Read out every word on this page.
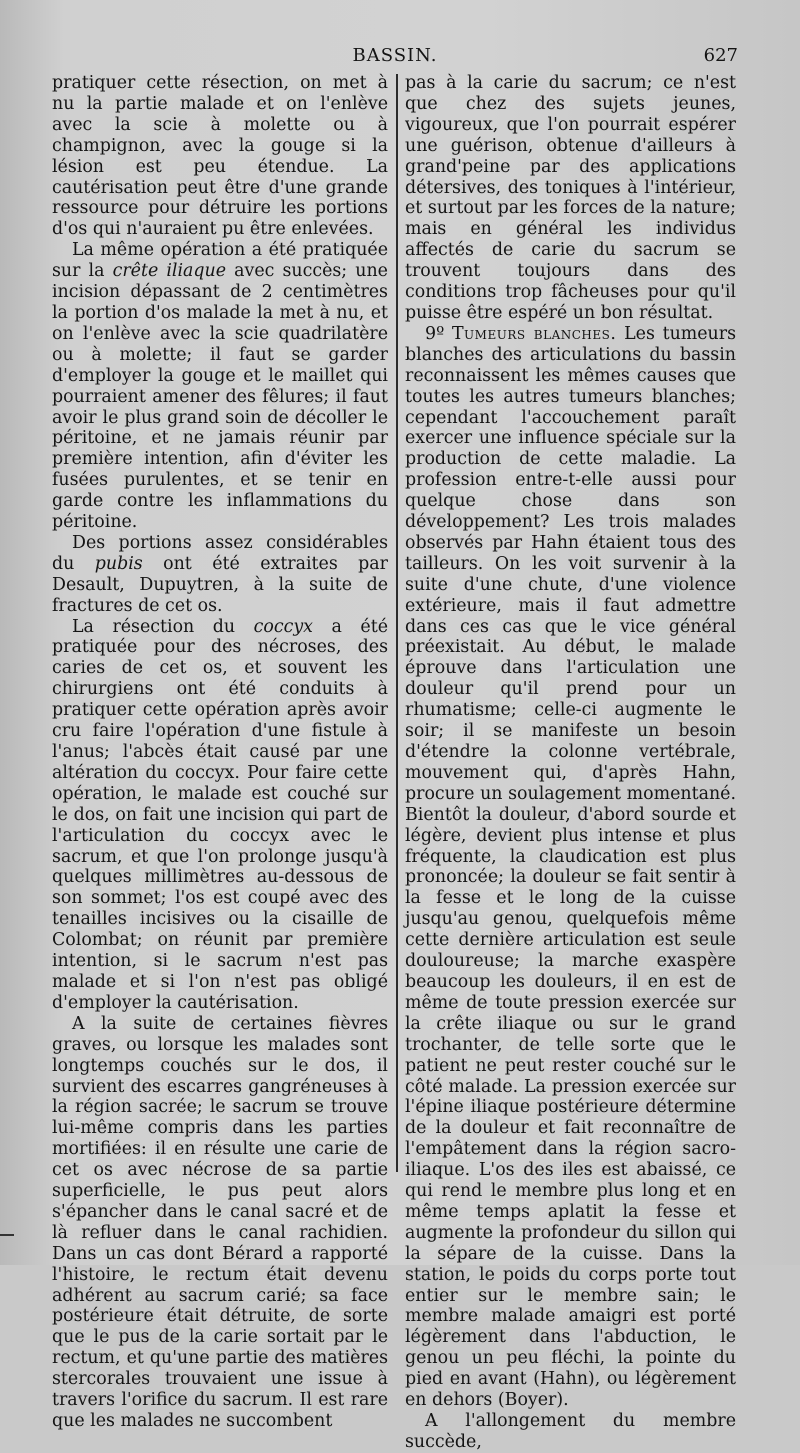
BASSIN.	627

pratiquer cette résection, on met à nu la partie malade et on l'enlève avec la scie à molette ou à champignon, avec la gouge si la lésion est peu étendue. La cautérisation peut être d'une grande ressource pour détruire les portions d'os qui n'auraient pu être enlevées.

La même opération a été pratiquée sur la crête iliaque avec succès; une incision dépassant de 2 centimètres la portion d'os malade la met à nu, et on l'enlève avec la scie quadrilatère ou à molette; il faut se garder d'employer la gouge et le maillet qui pourraient amener des fêlures; il faut avoir le plus grand soin de décoller le péritoine, et ne jamais réunir par première intention, afin d'éviter les fusées purulentes, et se tenir en garde contre les inflammations du péritoine.

Des portions assez considérables du pubis ont été extraites par Desault, Dupuytren, à la suite de fractures de cet os.

La résection du coccyx a été pratiquée pour des nécroses, des caries de cet os, et souvent les chirurgiens ont été conduits à pratiquer cette opération après avoir cru faire l'opération d'une fistule à l'anus; l'abcès était causé par une altération du coccyx. Pour faire cette opération, le malade est couché sur le dos, on fait une incision qui part de l'articulation du coccyx avec le sacrum, et que l'on prolonge jusqu'à quelques millimètres au-dessous de son sommet; l'os est coupé avec des tenailles incisives ou la cisaille de Colombat; on réunit par première intention, si le sacrum n'est pas malade et si l'on n'est pas obligé d'employer la cautérisation.

A la suite de certaines fièvres graves, ou lorsque les malades sont longtemps couchés sur le dos, il survient des escarres gangréneuses à la région sacrée; le sacrum se trouve lui-même compris dans les parties mortifiées: il en résulte une carie de cet os avec nécrose de sa partie superficielle, le pus peut alors s'épancher dans le canal sacré et de là refluer dans le canal rachidien. Dans un cas dont Bérard a rapporté l'histoire, le rectum était devenu adhérent au sacrum carié; sa face postérieure était détruite, de sorte que le pus de la carie sortait par le rectum, et qu'une partie des matières stercorales trouvaient une issue à travers l'orifice du sacrum. Il est rare que les malades ne succombent

pas à la carie du sacrum; ce n'est que chez des sujets jeunes, vigoureux, que l'on pourrait espérer une guérison, obtenue d'ailleurs à grand'peine par des applications détersives, des toniques à l'intérieur, et surtout par les forces de la nature; mais en général les individus affectés de carie du sacrum se trouvent toujours dans des conditions trop fâcheuses pour qu'il puisse être espéré un bon résultat.

9º Tumeurs blanches. Les tumeurs blanches des articulations du bassin reconnaissent les mêmes causes que toutes les autres tumeurs blanches; cependant l'accouchement paraît exercer une influence spéciale sur la production de cette maladie. La profession entre-t-elle aussi pour quelque chose dans son développement? Les trois malades observés par Hahn étaient tous des tailleurs. On les voit survenir à la suite d'une chute, d'une violence extérieure, mais il faut admettre dans ces cas que le vice général préexistait. Au début, le malade éprouve dans l'articulation une douleur qu'il prend pour un rhumatisme; celle-ci augmente le soir; il se manifeste un besoin d'étendre la colonne vertébrale, mouvement qui, d'après Hahn, procure un soulagement momentané. Bientôt la douleur, d'abord sourde et légère, devient plus intense et plus fréquente, la claudication est plus prononcée; la douleur se fait sentir à la fesse et le long de la cuisse jusqu'au genou, quelquefois même cette dernière articulation est seule douloureuse; la marche exaspère beaucoup les douleurs, il en est de même de toute pression exercée sur la crête iliaque ou sur le grand trochanter, de telle sorte que le patient ne peut rester couché sur le côté malade. La pression exercée sur l'épine iliaque postérieure détermine de la douleur et fait reconnaître de l'empâtement dans la région sacro-iliaque. L'os des iles est abaissé, ce qui rend le membre plus long et en même temps aplatit la fesse et augmente la profondeur du sillon qui la sépare de la cuisse. Dans la station, le poids du corps porte tout entier sur le membre sain; le membre malade amaigri est porté légèrement dans l'abduction, le genou un peu fléchi, la pointe du pied en avant (Hahn), ou légèrement en dehors (Boyer).

A l'allongement du membre succède,
